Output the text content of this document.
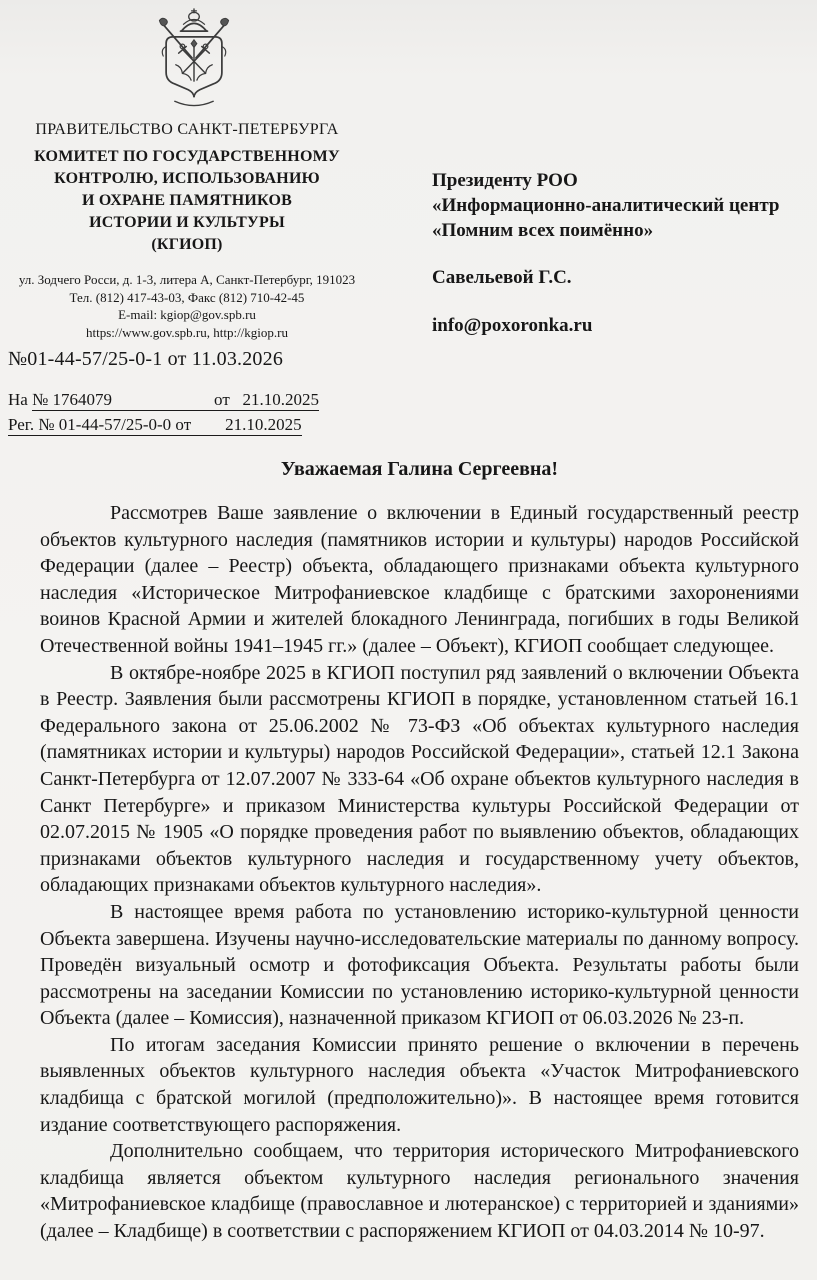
ПРАВИТЕЛЬСТВО САНКТ-ПЕТЕРБУРГА
КОМИТЕТ ПО ГОСУДАРСТВЕННОМУ
КОНТРОЛЮ, ИСПОЛЬЗОВАНИЮ
И ОХРАНЕ ПАМЯТНИКОВ
ИСТОРИИ И КУЛЬТУРЫ
(КГИОП)
ул. Зодчего Росси, д. 1-3, литера А, Санкт-Петербург, 191023
Тел. (812) 417-43-03, Факс (812) 710-42-45
E-mail: kgiop@gov.spb.ru
https://www.gov.spb.ru, http://kgiop.ru
Президенту РОО
«Информационно-аналитический центр
«Помним всех поимённо»
Савельевой Г.С.
info@poxoronka.ru
№01-44-57/25-0-1 от 11.03.2026
На № 1764079                        от   21.10.2025
Рег. № 01-44-57/25-0-0 от        21.10.2025
Уважаемая Галина Сергеевна!

Рассмотрев Ваше заявление о включении в Единый государственный реестр объектов культурного наследия (памятников истории и культуры) народов Российской Федерации (далее – Реестр) объекта, обладающего признаками объекта культурного наследия «Историческое Митрофаниевское кладбище с братскими захоронениями воинов Красной Армии и жителей блокадного Ленинграда, погибших в годы Великой Отечественной войны 1941–1945 гг.» (далее – Объект), КГИОП сообщает следующее.

В октябре-ноябре 2025 в КГИОП поступил ряд заявлений о включении Объекта в Реестр. Заявления были рассмотрены КГИОП в порядке, установленном статьей 16.1 Федерального закона от 25.06.2002 № 73-ФЗ «Об объектах культурного наследия (памятниках истории и культуры) народов Российской Федерации», статьей 12.1 Закона Санкт-Петербурга от 12.07.2007 № 333-64 «Об охране объектов культурного наследия в Санкт Петербурге» и приказом Министерства культуры Российской Федерации от 02.07.2015 № 1905 «О порядке проведения работ по выявлению объектов, обладающих признаками объектов культурного наследия и государственному учету объектов, обладающих признаками объектов культурного наследия».

В настоящее время работа по установлению историко-культурной ценности Объекта завершена. Изучены научно-исследовательские материалы по данному вопросу. Проведён визуальный осмотр и фотофиксация Объекта. Результаты работы были рассмотрены на заседании Комиссии по установлению историко-культурной ценности Объекта (далее – Комиссия), назначенной приказом КГИОП от 06.03.2026 № 23-п.

По итогам заседания Комиссии принято решение о включении в перечень выявленных объектов культурного наследия объекта «Участок Митрофаниевского кладбища с братской могилой (предположительно)». В настоящее время готовится издание соответствующего распоряжения.

Дополнительно сообщаем, что территория исторического Митрофаниевского кладбища является объектом культурного наследия регионального значения «Митрофаниевское кладбище (православное и лютеранское) с территорией и зданиями» (далее – Кладбище) в соответствии с распоряжением КГИОП от 04.03.2014 № 10-97.
